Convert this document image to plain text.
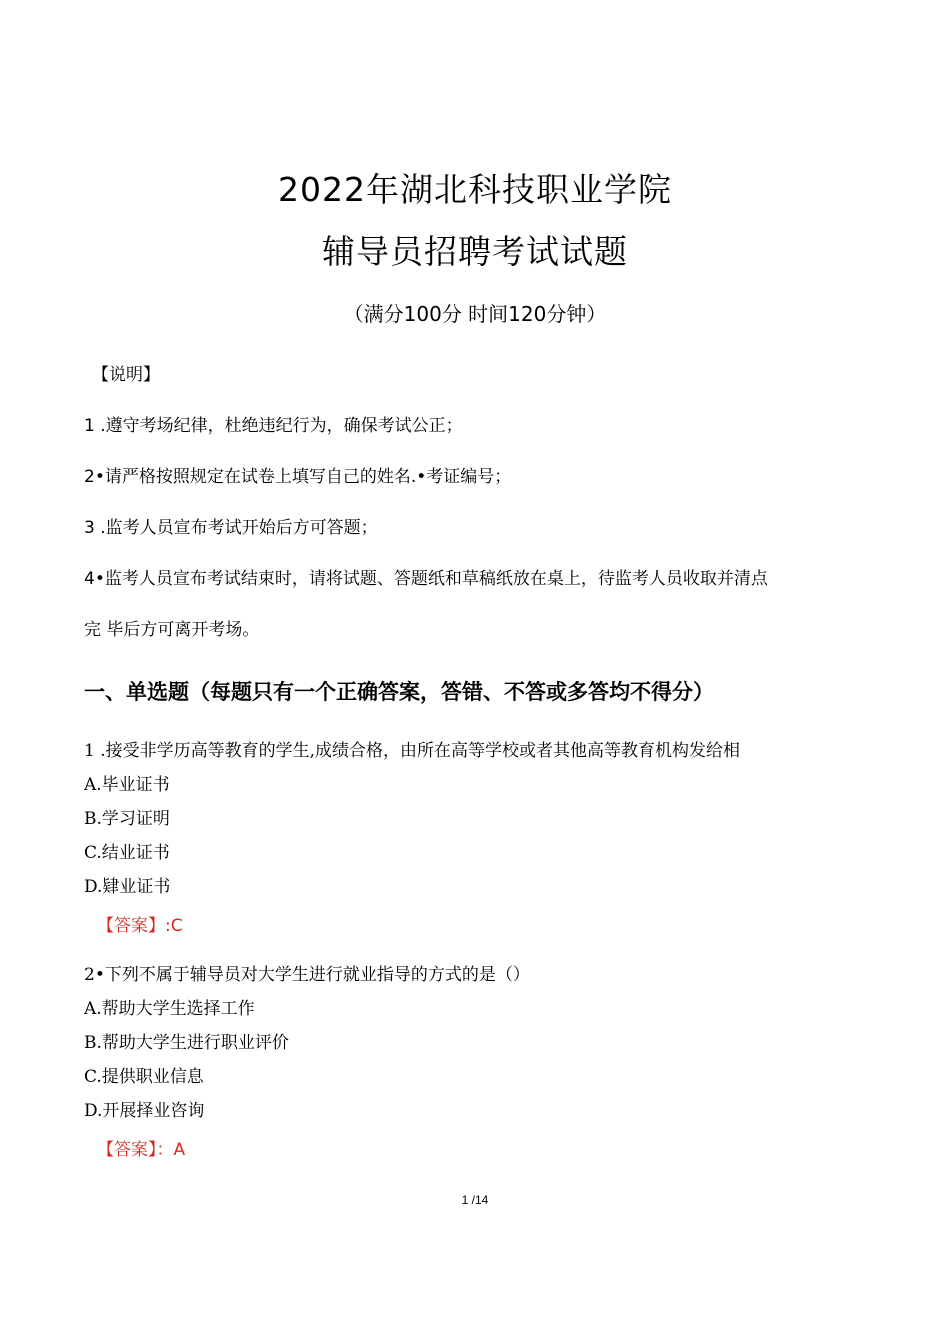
2022年湖北科技职业学院
辅导员招聘考试试题
（满分100分 时间120分钟）
【说明】
1 .遵守考场纪律，杜绝违纪行为，确保考试公正；
2•请严格按照规定在试卷上填写自己的姓名.•考证编号；
3 .监考人员宣布考试开始后方可答题；
4•监考人员宣布考试结束时，请将试题、答题纸和草稿纸放在桌上，待监考人员收取并清点
完 毕后方可离开考场。
一、单选题（每题只有一个正确答案，答错、不答或多答均不得分）
1 .接受非学历高等教育的学生,成绩合格，由所在高等学校或者其他高等教育机构发给相
A.毕业证书
B.学习证明
C.结业证书
D.肄业证书
【答案】:C
2•下列不属于辅导员对大学生进行就业指导的方式的是（）
A.帮助大学生选择工作
B.帮助大学生进行职业评价
C.提供职业信息
D.开展择业咨询
【答案】：A
1 /14
